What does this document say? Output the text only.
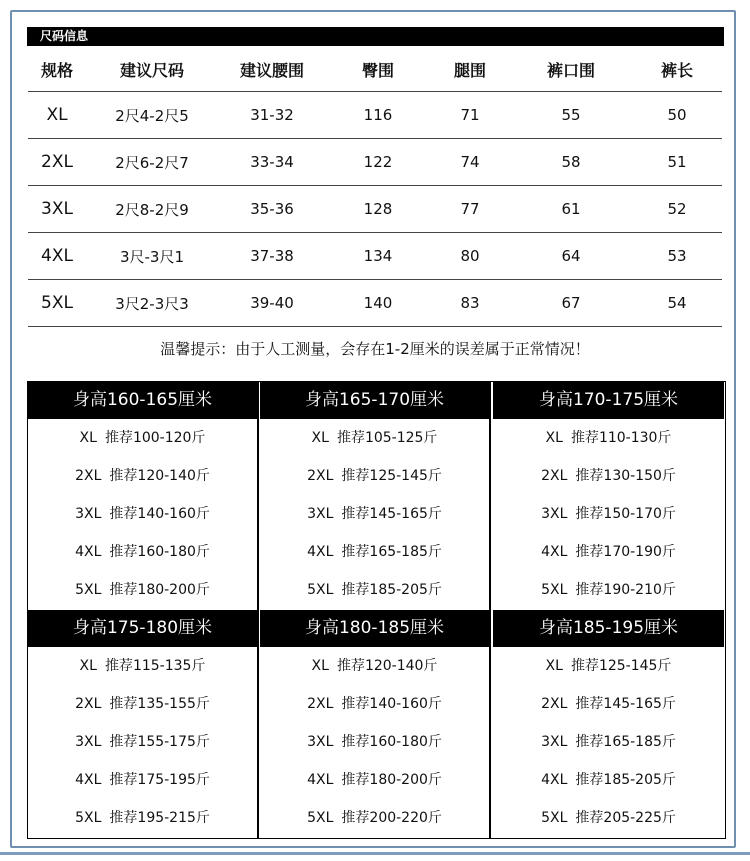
尺码信息
规格	建议尺码	建议腰围	臀围	腿围	裤口围	裤长
XL	2尺4-2尺5	31-32	116	71	55	50
2XL	2尺6-2尺7	33-34	122	74	58	51
3XL	2尺8-2尺9	35-36	128	77	61	52
4XL	3尺-3尺1	37-38	134	80	64	53
5XL	3尺2-3尺3	39-40	140	83	67	54
温馨提示：由于人工测量，会存在1-2厘米的误差属于正常情况！
身高160-165厘米
XL 推荐100-120斤
2XL 推荐120-140斤
3XL 推荐140-160斤
4XL 推荐160-180斤
5XL 推荐180-200斤
身高165-170厘米
XL 推荐105-125斤
2XL 推荐125-145斤
3XL 推荐145-165斤
4XL 推荐165-185斤
5XL 推荐185-205斤
身高170-175厘米
XL 推荐110-130斤
2XL 推荐130-150斤
3XL 推荐150-170斤
4XL 推荐170-190斤
5XL 推荐190-210斤
身高175-180厘米
XL 推荐115-135斤
2XL 推荐135-155斤
3XL 推荐155-175斤
4XL 推荐175-195斤
5XL 推荐195-215斤
身高180-185厘米
XL 推荐120-140斤
2XL 推荐140-160斤
3XL 推荐160-180斤
4XL 推荐180-200斤
5XL 推荐200-220斤
身高185-195厘米
XL 推荐125-145斤
2XL 推荐145-165斤
3XL 推荐165-185斤
4XL 推荐185-205斤
5XL 推荐205-225斤
